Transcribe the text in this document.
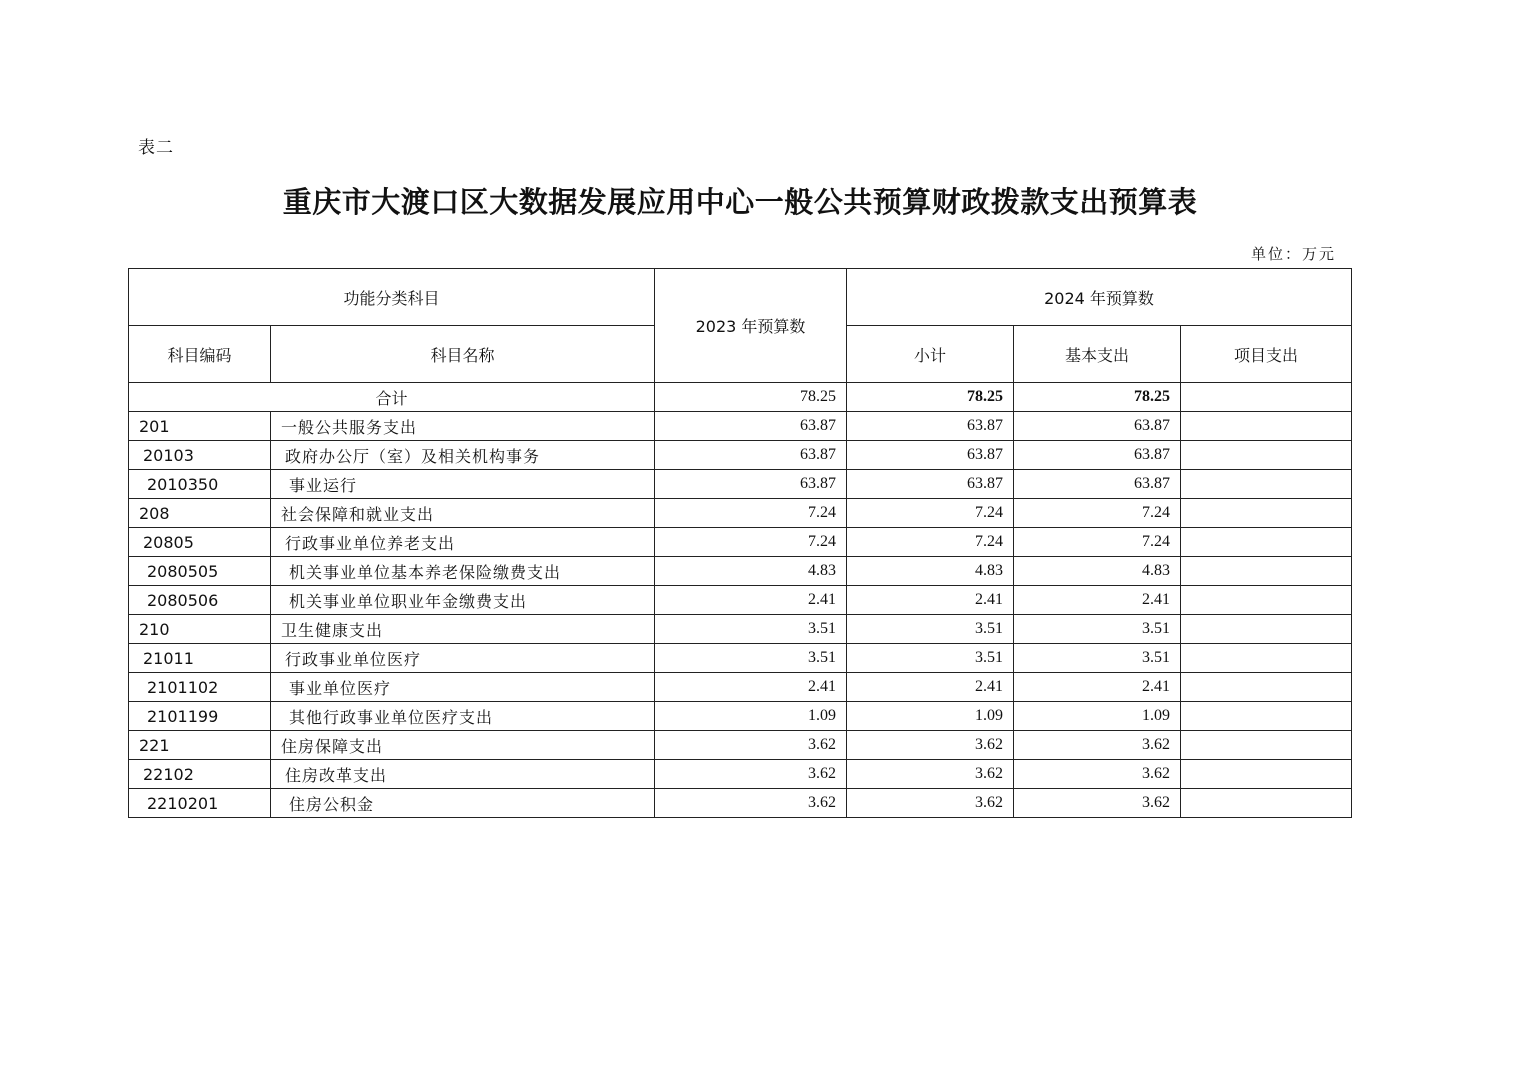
表二
重庆市大渡口区大数据发展应用中心一般公共预算财政拨款支出预算表
单位：万元
功能分类科目		2023 年预算数	2024 年预算数		
科目编码	科目名称		小计	基本支出	项目支出
合计		78.25	78.25	78.25	
201	一般公共服务支出	63.87	63.87	63.87	
20103	政府办公厅（室）及相关机构事务	63.87	63.87	63.87	
2010350	事业运行	63.87	63.87	63.87	
208	社会保障和就业支出	7.24	7.24	7.24	
20805	行政事业单位养老支出	7.24	7.24	7.24	
2080505	机关事业单位基本养老保险缴费支出	4.83	4.83	4.83	
2080506	机关事业单位职业年金缴费支出	2.41	2.41	2.41	
210	卫生健康支出	3.51	3.51	3.51	
21011	行政事业单位医疗	3.51	3.51	3.51	
2101102	事业单位医疗	2.41	2.41	2.41	
2101199	其他行政事业单位医疗支出	1.09	1.09	1.09	
221	住房保障支出	3.62	3.62	3.62	
22102	住房改革支出	3.62	3.62	3.62	
2210201	住房公积金	3.62	3.62	3.62	
